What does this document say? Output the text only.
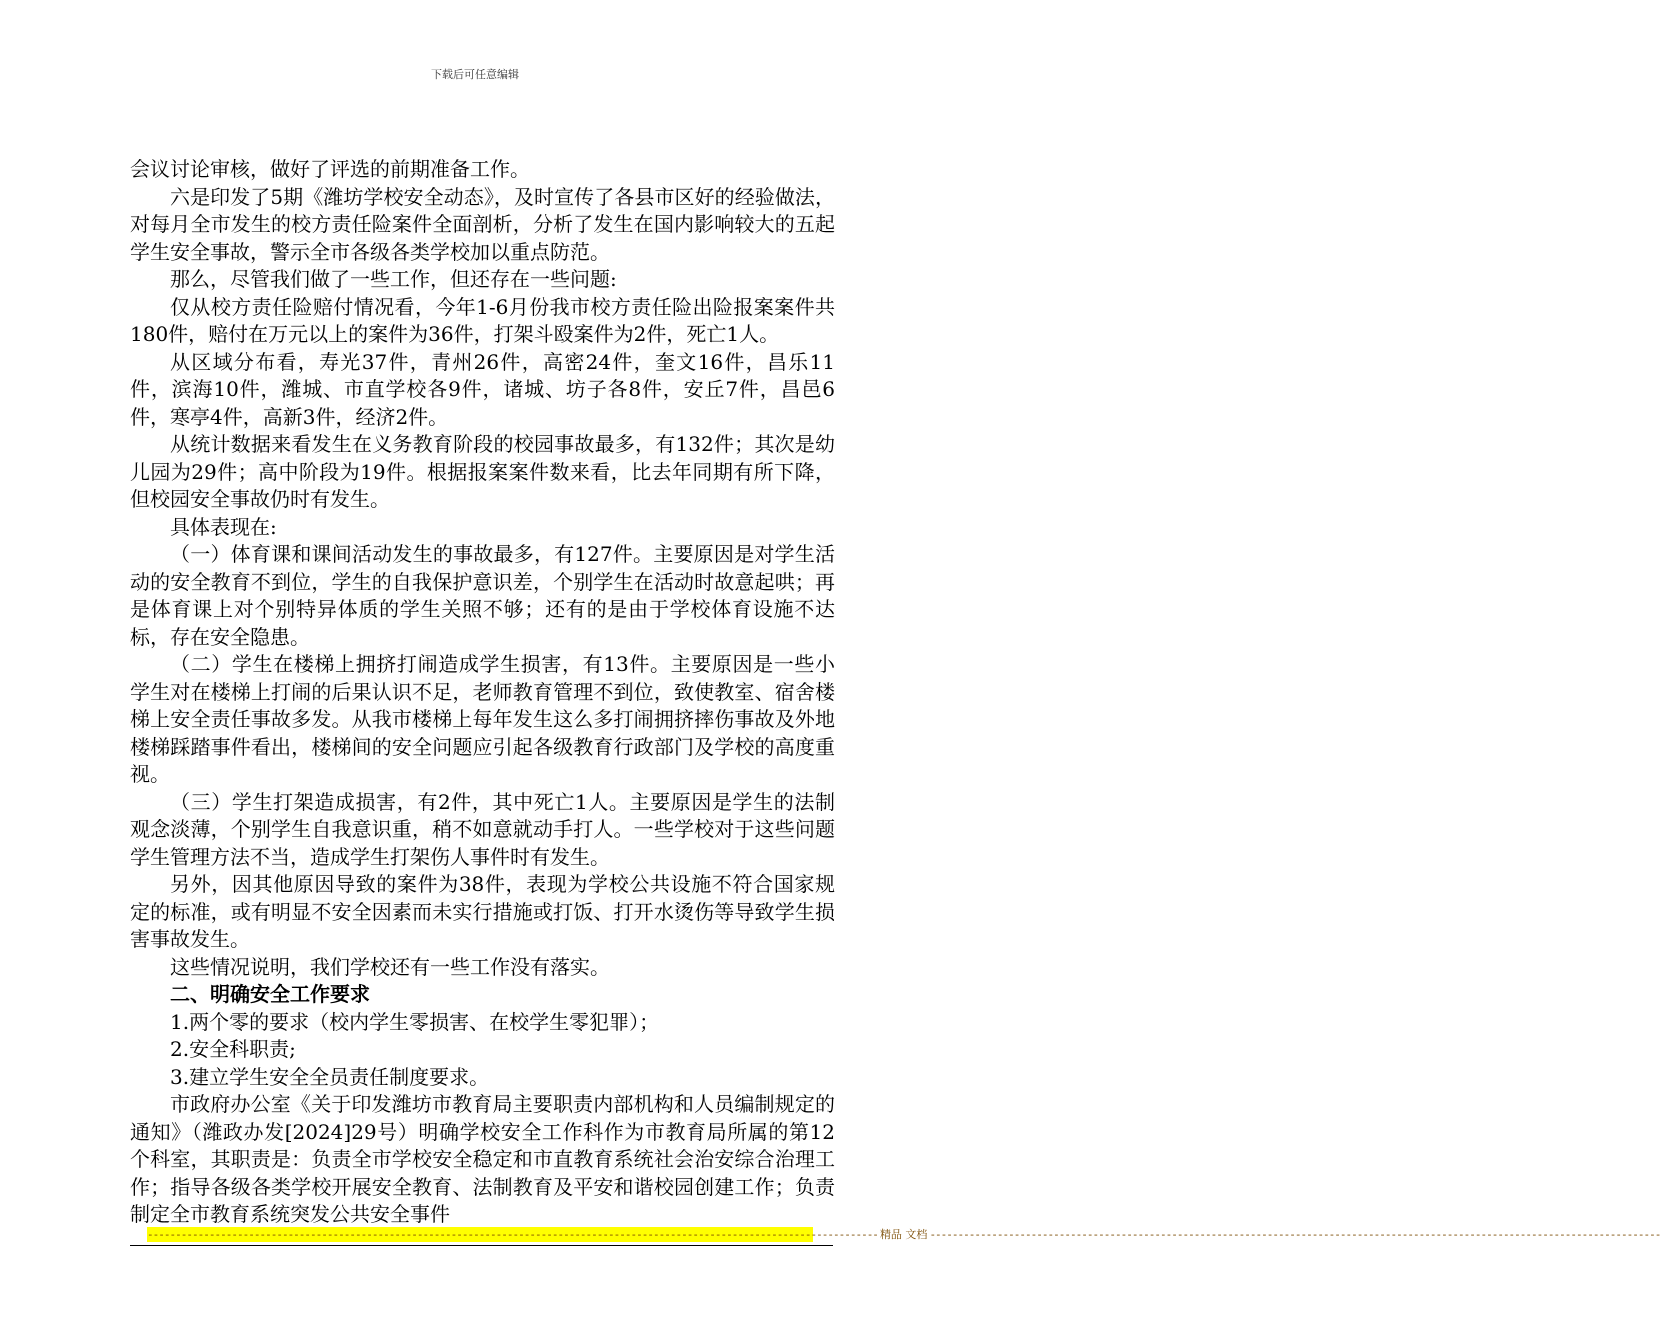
下载后可任意编辑

会议讨论审核，做好了评选的前期准备工作。

六是印发了5期《潍坊学校安全动态》，及时宣传了各县市区好的经验做法，对每月全市发生的校方责任险案件全面剖析，分析了发生在国内影响较大的五起学生安全事故，警示全市各级各类学校加以重点防范。

那么，尽管我们做了一些工作，但还存在一些问题:

仅从校方责任险赔付情况看，今年1-6月份我市校方责任险出险报案案件共180件，赔付在万元以上的案件为36件，打架斗殴案件为2件，死亡1人。

从区域分布看，寿光37件，青州26件，高密24件，奎文16件，昌乐11件，滨海10件，潍城、市直学校各9件，诸城、坊子各8件，安丘7件，昌邑6件，寒亭4件，高新3件，经济2件。

从统计数据来看发生在义务教育阶段的校园事故最多，有132件；其次是幼儿园为29件；高中阶段为19件。根据报案案件数来看，比去年同期有所下降，但校园安全事故仍时有发生。

具体表现在:

（一）体育课和课间活动发生的事故最多，有127件。主要原因是对学生活动的安全教育不到位，学生的自我保护意识差，个别学生在活动时故意起哄；再是体育课上对个别特异体质的学生关照不够；还有的是由于学校体育设施不达标，存在安全隐患。

（二）学生在楼梯上拥挤打闹造成学生损害，有13件。主要原因是一些小学生对在楼梯上打闹的后果认识不足，老师教育管理不到位，致使教室、宿舍楼梯上安全责任事故多发。从我市楼梯上每年发生这么多打闹拥挤摔伤事故及外地楼梯踩踏事件看出，楼梯间的安全问题应引起各级教育行政部门及学校的高度重视。

（三）学生打架造成损害，有2件，其中死亡1人。主要原因是学生的法制观念淡薄，个别学生自我意识重，稍不如意就动手打人。一些学校对于这些问题学生管理方法不当，造成学生打架伤人事件时有发生。

另外，因其他原因导致的案件为38件，表现为学校公共设施不符合国家规定的标准，或有明显不安全因素而未实行措施或打饭、打开水烫伤等导致学生损害事故发生。

这些情况说明，我们学校还有一些工作没有落实。

二、明确安全工作要求

1.两个零的要求（校内学生零损害、在校学生零犯罪）；

2.安全科职责;

3.建立学生安全全员责任制度要求。

市政府办公室《关于印发潍坊市教育局主要职责内部机构和人员编制规定的通知》（潍政办发[2024]29号）明确学校安全工作科作为市教育局所属的第12个科室，其职责是：负责全市学校安全稳定和市直教育系统社会治安综合治理工作；指导各级各类学校开展安全教育、法制教育及平安和谐校园创建工作；负责制定全市教育系统突发公共安全事件

---------------------------------------------------------------------------------------------------------------------------------- 精品 文档 ----------------------------------------------------------------------------------------------------------------------------------
